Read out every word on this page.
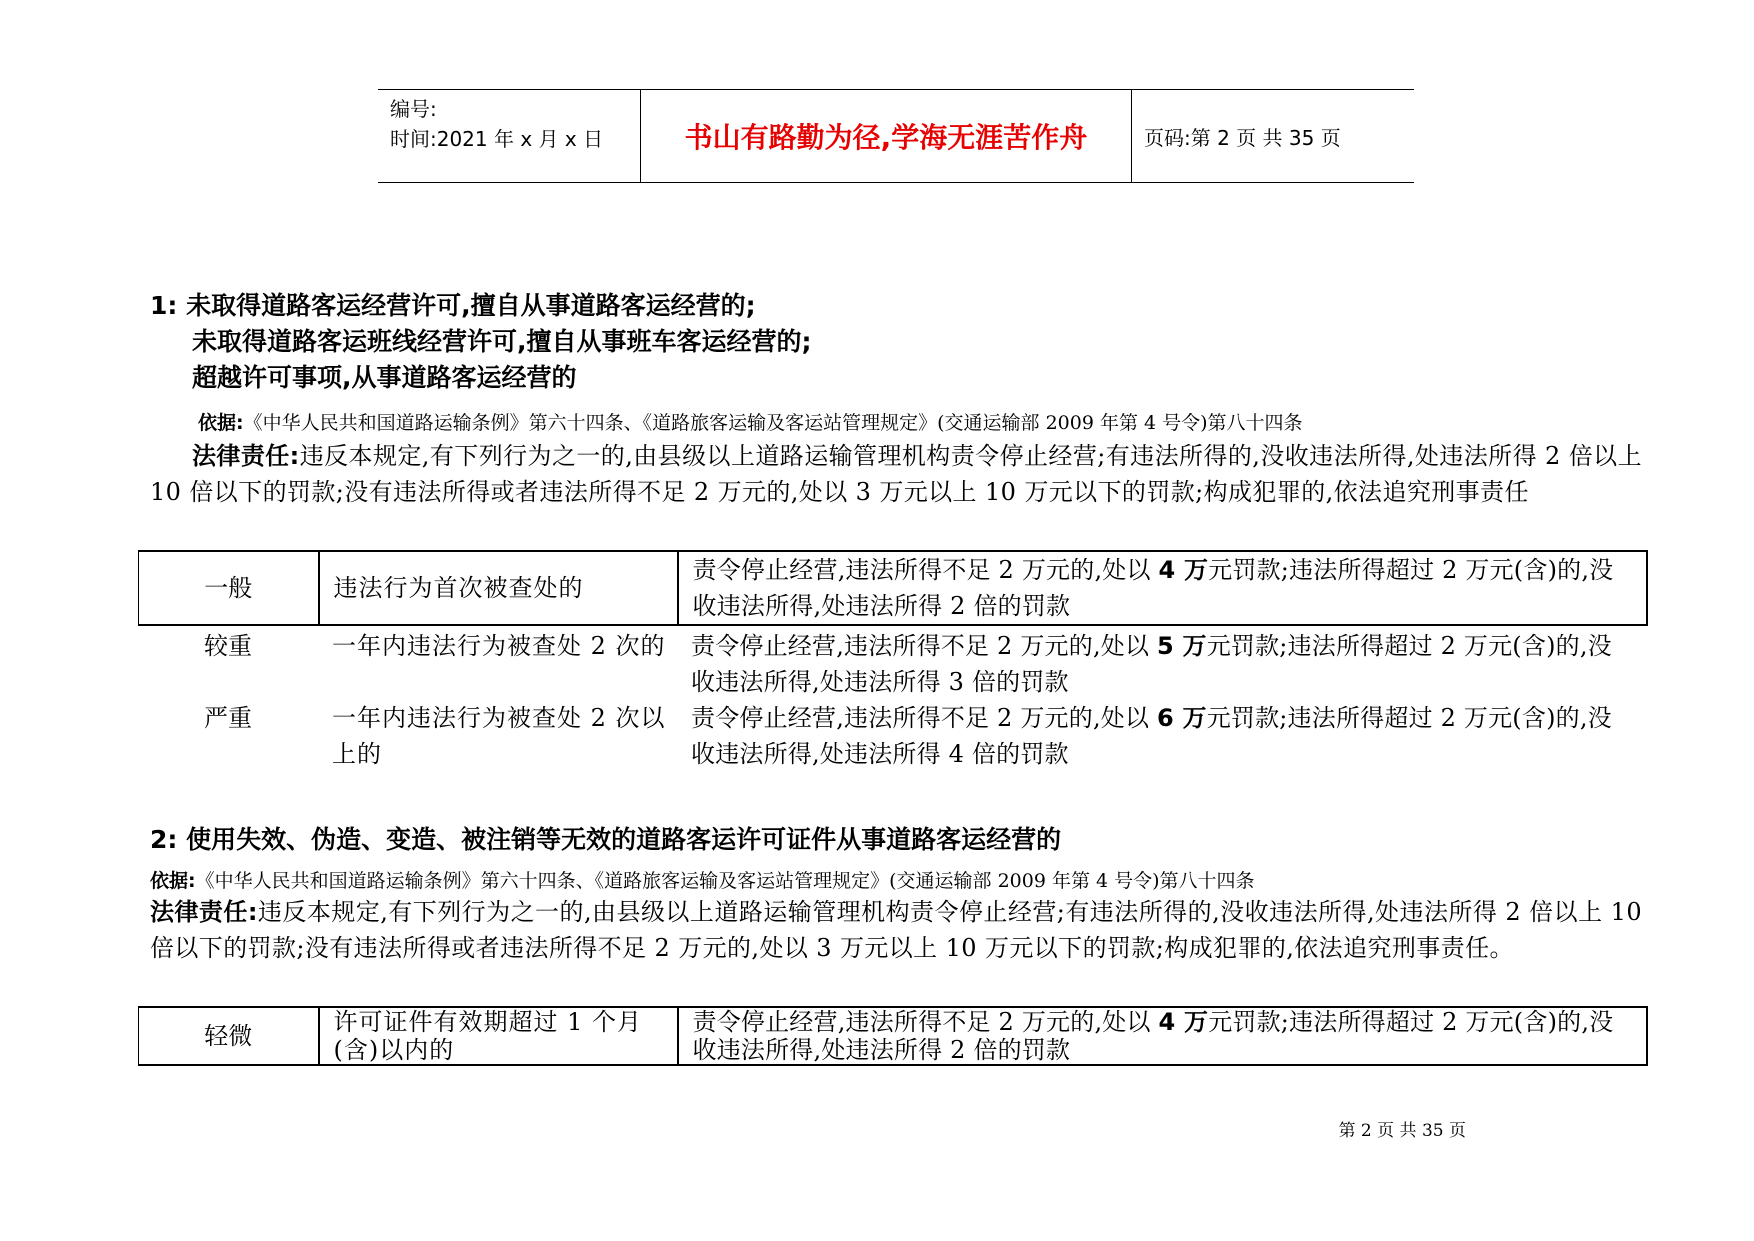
编号:
时间:2021 年 x 月 x 日	书山有路勤为径,学海无涯苦作舟	页码:第 2 页 共 35 页
1: 未取得道路客运经营许可,擅自从事道路客运经营的;
未取得道路客运班线经营许可,擅自从事班车客运经营的;
超越许可事项,从事道路客运经营的
依据:《中华人民共和国道路运输条例》第六十四条、《道路旅客运输及客运站管理规定》(交通运输部 2009 年第 4 号令)第八十四条
法律责任:违反本规定,有下列行为之一的,由县级以上道路运输管理机构责令停止经营;有违法所得的,没收违法所得,处违法所得 2 倍以上 10 倍以下的罚款;没有违法所得或者违法所得不足 2 万元的,处以 3 万元以上 10 万元以下的罚款;构成犯罪的,依法追究刑事责任
一般	违法行为首次被查处的	责令停止经营,违法所得不足 2 万元的,处以 4 万元罚款;违法所得超过 2 万元(含)的,没收违法所得,处违法所得 2 倍的罚款
较重	一年内违法行为被查处 2 次的	责令停止经营,违法所得不足 2 万元的,处以 5 万元罚款;违法所得超过 2 万元(含)的,没收违法所得,处违法所得 3 倍的罚款
严重	一年内违法行为被查处 2 次以上的	责令停止经营,违法所得不足 2 万元的,处以 6 万元罚款;违法所得超过 2 万元(含)的,没收违法所得,处违法所得 4 倍的罚款
2: 使用失效、伪造、变造、被注销等无效的道路客运许可证件从事道路客运经营的
依据:《中华人民共和国道路运输条例》第六十四条、《道路旅客运输及客运站管理规定》(交通运输部 2009 年第 4 号令)第八十四条
法律责任:违反本规定,有下列行为之一的,由县级以上道路运输管理机构责令停止经营;有违法所得的,没收违法所得,处违法所得 2 倍以上 10 倍以下的罚款;没有违法所得或者违法所得不足 2 万元的,处以 3 万元以上 10 万元以下的罚款;构成犯罪的,依法追究刑事责任。
轻微	许可证件有效期超过 1 个月(含)以内的	责令停止经营,违法所得不足 2 万元的,处以 4 万元罚款;违法所得超过 2 万元(含)的,没收违法所得,处违法所得 2 倍的罚款
第 2 页 共 35 页
